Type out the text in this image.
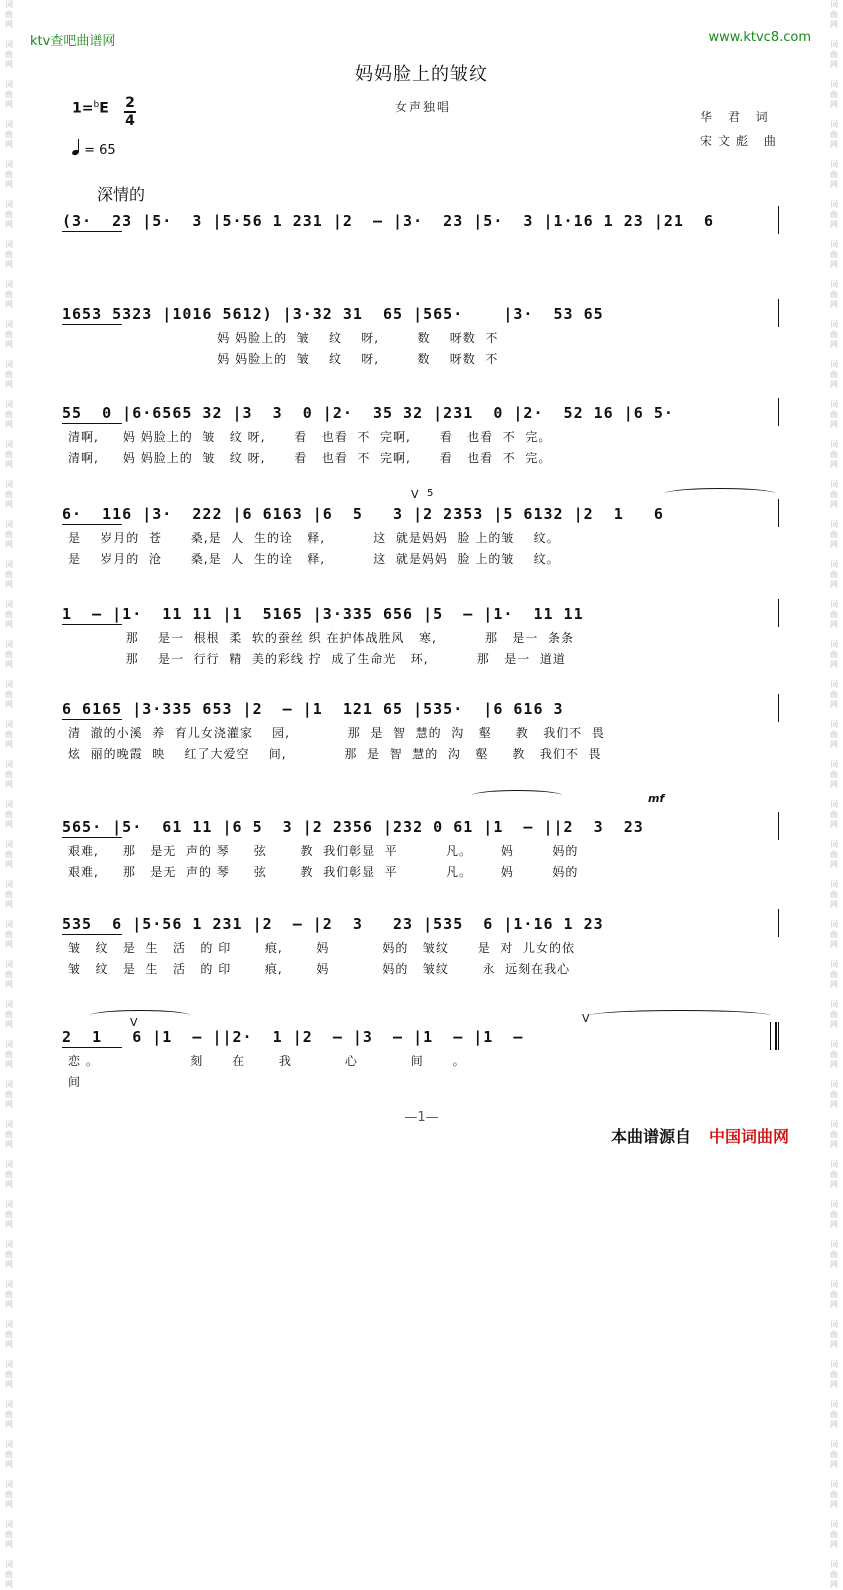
词
曲
网

词
曲
网

词
曲
网

词
曲
网

词
曲
网

词
曲
网

词
曲
网

词
曲
网

词
曲
网

词
曲
网

词
曲
网

词
曲
网

词
曲
网

词
曲
网

词
曲
网

词
曲
网

词
曲
网

词
曲
网

词
曲
网

词
曲
网

词
曲
网

词
曲
网

词
曲
网

词
曲
网

词
曲
网

词
曲
网

词
曲
网

词
曲
网

词
曲
网

词
曲
网

词
曲
网

词
曲
网

词
曲
网

词
曲
网

词
曲
网

词
曲
网

词
曲
网

词
曲
网

词
曲
网

词
曲
网

词
曲
网

词
曲
网

词
曲
网

词
曲
网

词
曲
网

词
曲
网

词
曲
网

词
曲
网

词
曲
网

词
曲
网

词
曲
网

词
曲
网

词
曲
网

词
曲
网

词
曲
网

词
曲
网

词
曲
网

词
曲
网

词
曲
网

词
曲
网

词
曲
网

词
曲
网

词
曲
网

词
曲
网

词
曲
网

词
曲
网

词
曲
网

词
曲
网

词
曲
网

词
曲
网

词
曲
网

词
曲
网

词
曲
网

词
曲
网

词
曲
网

词
曲
网

词
曲
网

词
曲
网

词
曲
网

词
曲
网

ktv查吧曲谱网	www.ktvc8.com
妈妈脸上的皱纹
女声独唱
1=$^b$E 2
4
= 65
华 君 词
宋文彪 曲
深情的
(3·  23 |5·  3 |5·56 1 231 |2  – |3·  23 |5·  3 |1·16 1 23 |21  6
1653 5323 |1016 5612) |3·32 31  65 |565·    |3·  53 65
妈 妈脸上的  皱    纹    呀,        数    呀数  不
妈 妈脸上的  皱    纹    呀,        数    呀数  不
55  0 |6·6565 32 |3  3  0 |2·  35 32 |231  0 |2·  52 16 |6 5·
清啊,     妈 妈脸上的  皱   纹 呀,      看   也看  不  完啊,      看   也看  不  完。
清啊,     妈 妈脸上的  皱   纹 呀,      看   也看  不  完啊,      看   也看  不  完。
6·  116 |3·  222 |6 6163 |6  5   3 |2 2353 |5 6132 |2  1   6
是    岁月的  苍      桑,是  人  生的诠   释,          这  就是妈妈  脸 上的皱    纹。
是    岁月的  沧      桑,是  人  生的诠   释,          这  就是妈妈  脸 上的皱    纹。
1  – |1·  11 11 |1  5165 |3·335 656 |5  – |1·  11 11
那    是一  根根  柔  软的蚕丝 织 在护体战胜风   寒,          那   是一  条条
那    是一  行行  精  美的彩线 拧  成了生命光   环,          那   是一  道道
6 6165 |3·335 653 |2  – |1  121 65 |535·  |6 616 3
清  澈的小溪  养  育儿女浇灌家    园,            那  是  智  慧的  沟   壑     教   我们不  畏
炫  丽的晚霞  映    红了大爱空    间,            那  是  智  慧的  沟   壑     教   我们不  畏
565· |5·  61 11 |6 5  3 |2 2356 |232 0 61 |1  – ||2  3  23
艰难,     那   是无  声的 琴     弦       教  我们彰显  平          凡。      妈        妈的
艰难,     那   是无  声的 琴     弦       教  我们彰显  平          凡。      妈        妈的
535  6 |5·56 1 231 |2  – |2  3   23 |535  6 |1·16 1 23
皱   纹   是  生   活   的 印       痕,       妈           妈的   皱纹      是  对  儿女的依
皱   纹   是  生   活   的 印       痕,       妈           妈的   皱纹       永  远刻在我心
2  1   6 |1  – ||2·  1 |2  – |3  – |1  – |1  –
恋 。                   刻      在       我           心           间      。
间
mf
V 5
V	V
—1—
本曲谱源自 中国词曲网
